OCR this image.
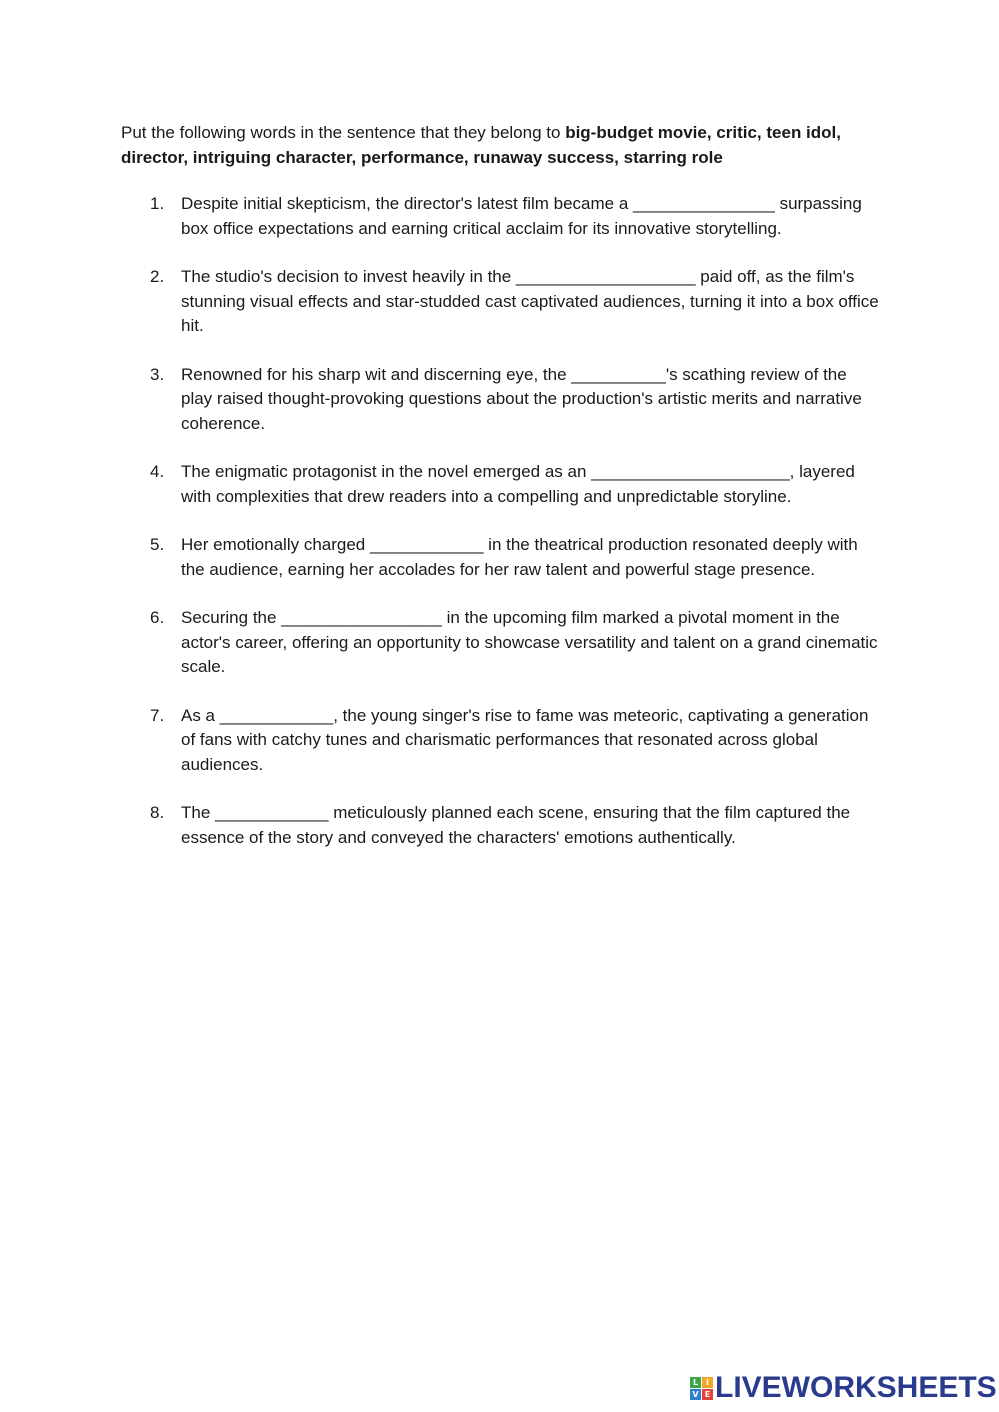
Put the following words in the sentence that they belong to big-budget movie, critic, teen idol, director, intriguing character, performance, runaway success, starring role

1. Despite initial skepticism, the director's latest film became a _______________ surpassing box office expectations and earning critical acclaim for its innovative storytelling.
2. The studio's decision to invest heavily in the ___________________ paid off, as the film's stunning visual effects and star-studded cast captivated audiences, turning it into a box office hit.
3. Renowned for his sharp wit and discerning eye, the __________'s scathing review of the play raised thought-provoking questions about the production's artistic merits and narrative coherence.
4. The enigmatic protagonist in the novel emerged as an _____________________, layered with complexities that drew readers into a compelling and unpredictable storyline.
5. Her emotionally charged ____________ in the theatrical production resonated deeply with the audience, earning her accolades for her raw talent and powerful stage presence.
6. Securing the _________________ in the upcoming film marked a pivotal moment in the actor's career, offering an opportunity to showcase versatility and talent on a grand cinematic scale.
7. As a ____________, the young singer's rise to fame was meteoric, captivating a generation of fans with catchy tunes and charismatic performances that resonated across global audiences.
8. The ____________ meticulously planned each scene, ensuring that the film captured the essence of the story and conveyed the characters' emotions authentically.
L I
V E LIVEWORKSHEETS
